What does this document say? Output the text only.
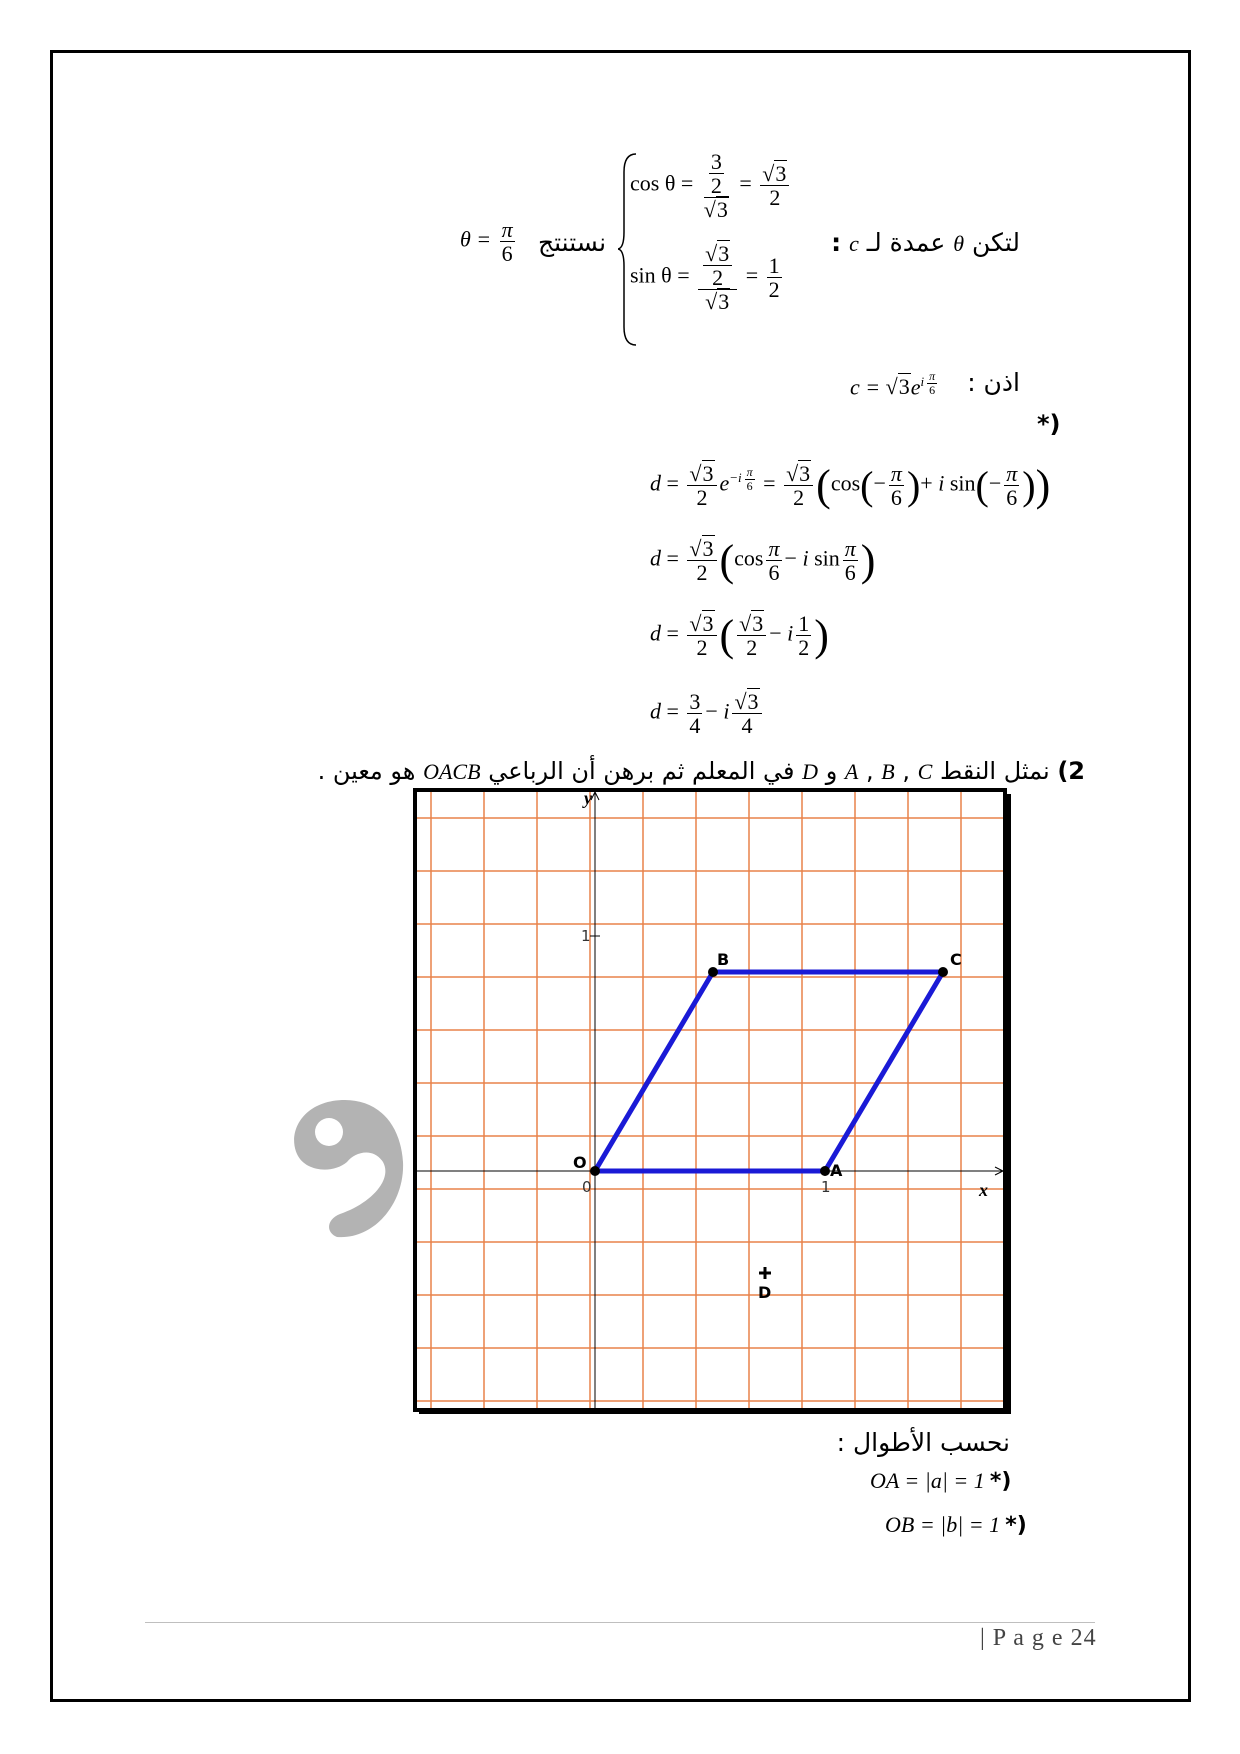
$\theta = \frac{\pi}{6}$ نستنتج
$\cos \theta = \frac{\frac{3}{2}}{√3} = \frac{√3}{2}$
$\sin \theta = \frac{\frac{√3}{2}}{√3} = \frac{1}{2}$
لتكن θ عمدة لـ c :
اذن :
$c = √3e^{i \frac{\pi}{6}}$
(*
$d = \frac{√3}{2} e^{-i \frac{\pi}{6}} = \frac{√3}{2} (\cos(- \frac{\pi}{6}$ )+ i $\sin(- \frac{\pi}{6}$ ))
$d = \frac{√3}{2} (\cos \frac{\pi}{6} - i$ $\sin \frac{\pi}{6}$ )
$d = \frac{√3}{2}$ ( $\frac{√3}{2} - i \frac{1}{2}$ )
$d = \frac{3}{4} - i \frac{√3}{4}$
2) نمثل النقط A , B , C و D في المعلم ثم برهن أن الرباعي OACB هو معين .
y
x
0	1
1
O	A
B	C
D
نحسب الأطوال :
OA = |a| = 1 (*
OB = |b| = 1 (*
| P a g e 24
